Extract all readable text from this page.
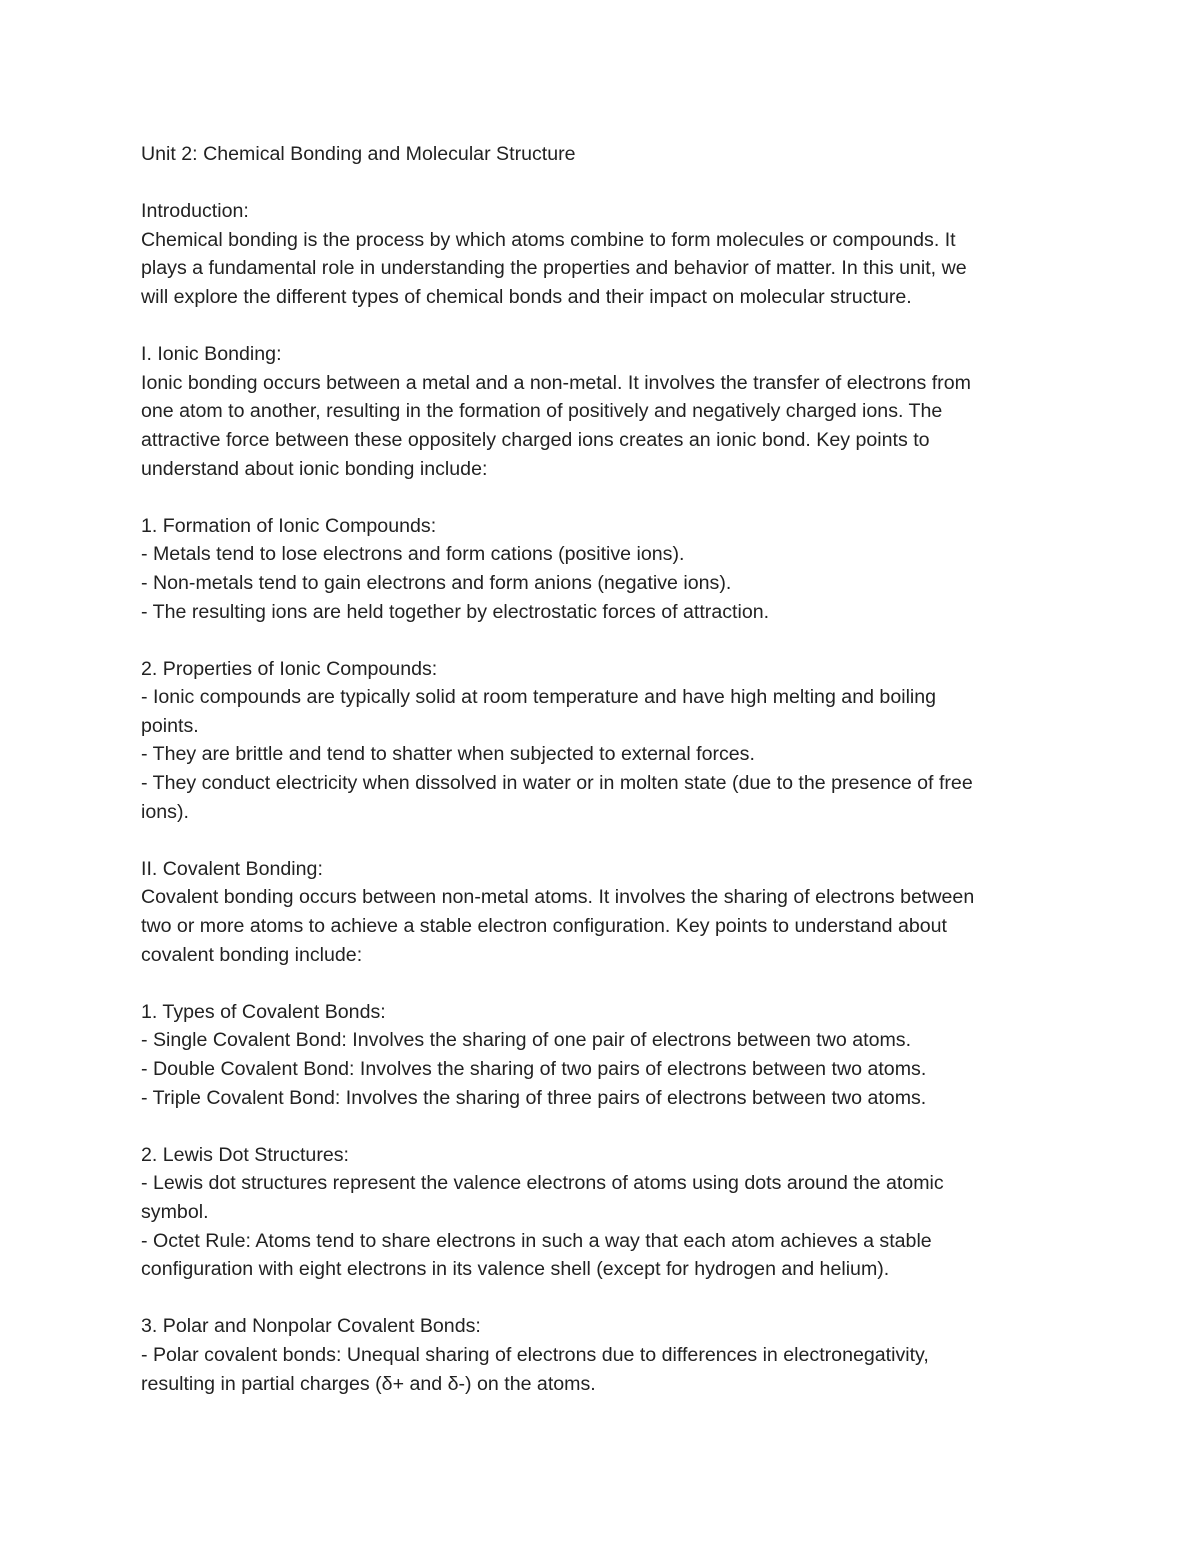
Unit 2: Chemical Bonding and Molecular Structure
Introduction:
Chemical bonding is the process by which atoms combine to form molecules or compounds. It
plays a fundamental role in understanding the properties and behavior of matter. In this unit, we
will explore the different types of chemical bonds and their impact on molecular structure.
I. Ionic Bonding:
Ionic bonding occurs between a metal and a non-metal. It involves the transfer of electrons from
one atom to another, resulting in the formation of positively and negatively charged ions. The
attractive force between these oppositely charged ions creates an ionic bond. Key points to
understand about ionic bonding include:
1. Formation of Ionic Compounds:
- Metals tend to lose electrons and form cations (positive ions).
- Non-metals tend to gain electrons and form anions (negative ions).
- The resulting ions are held together by electrostatic forces of attraction.
2. Properties of Ionic Compounds:
- Ionic compounds are typically solid at room temperature and have high melting and boiling
points.
- They are brittle and tend to shatter when subjected to external forces.
- They conduct electricity when dissolved in water or in molten state (due to the presence of free
ions).
II. Covalent Bonding:
Covalent bonding occurs between non-metal atoms. It involves the sharing of electrons between
two or more atoms to achieve a stable electron configuration. Key points to understand about
covalent bonding include:
1. Types of Covalent Bonds:
- Single Covalent Bond: Involves the sharing of one pair of electrons between two atoms.
- Double Covalent Bond: Involves the sharing of two pairs of electrons between two atoms.
- Triple Covalent Bond: Involves the sharing of three pairs of electrons between two atoms.
2. Lewis Dot Structures:
- Lewis dot structures represent the valence electrons of atoms using dots around the atomic
symbol.
- Octet Rule: Atoms tend to share electrons in such a way that each atom achieves a stable
configuration with eight electrons in its valence shell (except for hydrogen and helium).
3. Polar and Nonpolar Covalent Bonds:
- Polar covalent bonds: Unequal sharing of electrons due to differences in electronegativity,
resulting in partial charges (δ+ and δ-) on the atoms.
